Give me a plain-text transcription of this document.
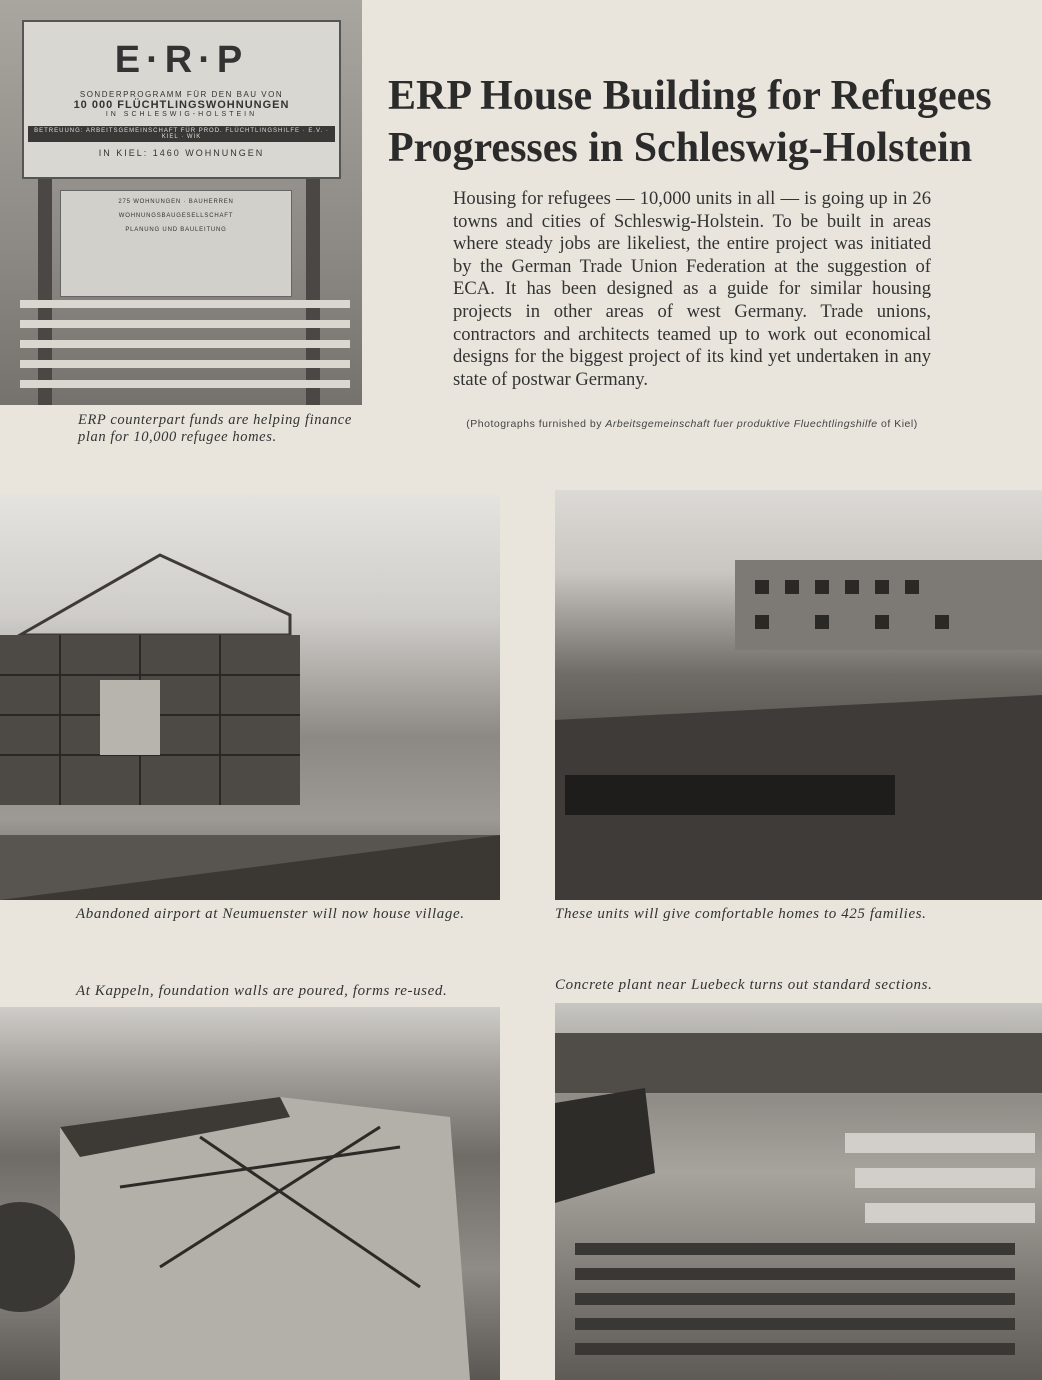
E·R·P
SONDERPROGRAMM FÜR DEN BAU VON
10 000 FLÜCHTLINGSWOHNUNGEN
IN SCHLESWIG-HOLSTEIN
BETREUUNG: ARBEITSGEMEINSCHAFT FÜR PROD. FLÜCHTLINGSHILFE · E.V. · KIEL · WIK
IN KIEL: 1460 WOHNUNGEN
275 WOHNUNGEN · BAUHERREN
WOHNUNGSBAUGESELLSCHAFT
PLANUNG UND BAULEITUNG
ERP counterpart funds are helping finance plan for 10,000 refugee homes.
ERP House Building for Refugees
Progresses in Schleswig-Holstein

Housing for refugees — 10,000 units in all — is going up in 26 towns and cities of Schleswig-Holstein. To be built in areas where steady jobs are likeliest, the entire project was initiated by the German Trade Union Federation at the suggestion of ECA. It has been designed as a guide for similar housing projects in other areas of west Germany. Trade unions, contractors and architects teamed up to work out economical designs for the biggest project of its kind yet undertaken in any state of postwar Germany.

(Photographs furnished by Arbeitsgemeinschaft fuer produktive Fluechtlingshilfe of Kiel)

Abandoned airport at Neumuenster will now house village.	These units will give comfortable homes to 425 families.
At Kappeln, foundation walls are poured, forms re-used.	Concrete plant near Luebeck turns out standard sections.
